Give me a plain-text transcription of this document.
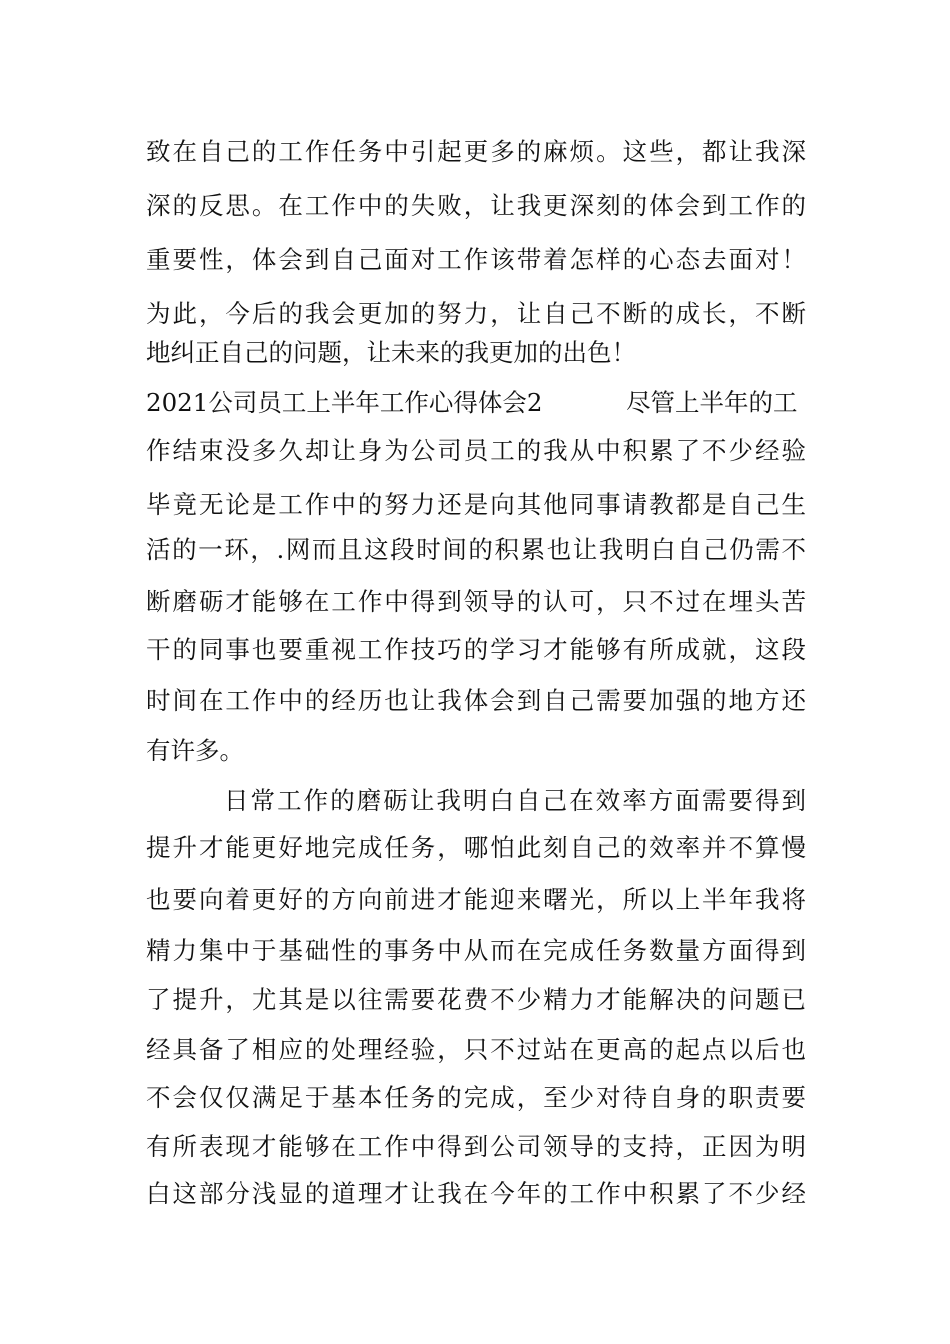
致在自己的工作任务中引起更多的麻烦。这些，都让我深
深的反思。在工作中的失败，让我更深刻的体会到工作的
重要性，体会到自己面对工作该带着怎样的心态去面对！
为此，今后的我会更加的努力，让自己不断的成长，不断
地纠正自己的问题，让未来的我更加的出色！
2021公司员工上半年工作心得体会2	尽管上半年的工
作结束没多久却让身为公司员工的我从中积累了不少经验
毕竟无论是工作中的努力还是向其他同事请教都是自己生
活的一环，.网而且这段时间的积累也让我明白自己仍需不
断磨砺才能够在工作中得到领导的认可，只不过在埋头苦
干的同事也要重视工作技巧的学习才能够有所成就，这段
时间在工作中的经历也让我体会到自己需要加强的地方还
有许多。
日常工作的磨砺让我明白自己在效率方面需要得到
提升才能更好地完成任务，哪怕此刻自己的效率并不算慢
也要向着更好的方向前进才能迎来曙光，所以上半年我将
精力集中于基础性的事务中从而在完成任务数量方面得到
了提升，尤其是以往需要花费不少精力才能解决的问题已
经具备了相应的处理经验，只不过站在更高的起点以后也
不会仅仅满足于基本任务的完成，至少对待自身的职责要
有所表现才能够在工作中得到公司领导的支持，正因为明
白这部分浅显的道理才让我在今年的工作中积累了不少经
